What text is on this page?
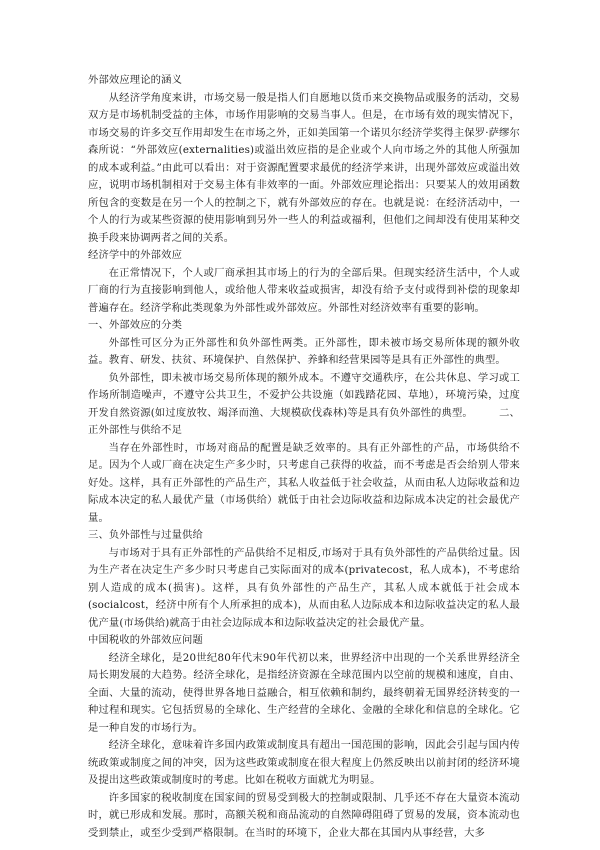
外部效应理论的涵义

从经济学角度来讲，市场交易一般是指人们自愿地以货币来交换物品或服务的活动，交易双方是市场机制受益的主体，市场作用影响的交易当事人。但是，在市场有效的现实情况下，市场交易的许多交互作用却发生在市场之外，正如美国第一个诺贝尔经济学奖得主保罗·萨缪尔森所说：“外部效应(externalities)或溢出效应指的是企业或个人向市场之外的其他人所强加的成本或利益。”由此可以看出：对于资源配置要求最优的经济学来讲，出现外部效应或溢出效应，说明市场机制相对于交易主体有非效率的一面。外部效应理论指出：只要某人的效用函数所包含的变数是在另一个人的控制之下，就有外部效应的存在。也就是说：在经济活动中，一个人的行为或某些资源的使用影响到另外一些人的利益或福利，但他们之间却没有使用某种交换手段来协调两者之间的关系。

经济学中的外部效应

在正常情况下，个人或厂商承担其市场上的行为的全部后果。但现实经济生活中，个人或厂商的行为直接影响到他人，或给他人带来收益或损害，却没有给予支付或得到补偿的现象却普遍存在。经济学称此类现象为外部性或外部效应。外部性对经济效率有重要的影响。

一、外部效应的分类

外部性可区分为正外部性和负外部性两类。正外部性，即未被市场交易所体现的额外收益。教育、研发、扶贫、环境保护、自然保护、养蜂和经营果园等是具有正外部性的典型。

负外部性，即未被市场交易所体现的额外成本。不遵守交通秩序，在公共休息、学习或工作场所制造噪声，不遵守公共卫生，不爱护公共设施（如践踏花园、草地），环境污染，过度开发自然资源(如过度放牧、竭泽而渔、大规模砍伐森林)等是具有负外部性的典型。　　　二、正外部性与供给不足

当存在外部性时，市场对商品的配置是缺乏效率的。具有正外部性的产品，市场供给不足。因为个人或厂商在决定生产多少时，只考虑自己获得的收益，而不考虑是否会给别人带来好处。这样，具有正外部性的产品生产，其私人收益低于社会收益，从而由私人边际收益和边际成本决定的私人最优产量（市场供给）就低于由社会边际收益和边际成本决定的社会最优产量。

三、负外部性与过量供给

与市场对于具有正外部性的产品供给不足相反,市场对于具有负外部性的产品供给过量。因为生产者在决定生产多少时只考虑自己实际面对的成本(privatecost，私人成本)，不考虑给别人造成的成本(损害)。这样，具有负外部性的产品生产，其私人成本就低于社会成本(socialcost，经济中所有个人所承担的成本)，从而由私人边际成本和边际收益决定的私人最优产量(市场供给)就高于由社会边际成本和边际收益决定的社会最优产量。

中国税收的外部效应问题

经济全球化，是20世纪80年代末90年代初以来，世界经济中出现的一个关系世界经济全局长期发展的大趋势。经济全球化，是指经济资源在全球范围内以空前的规模和速度，自由、全面、大量的流动，使得世界各地日益融合，相互依赖和制约，最终朝着无国界经济转变的一种过程和现实。它包括贸易的全球化、生产经营的全球化、金融的全球化和信息的全球化。它是一种自发的市场行为。

经济全球化，意味着许多国内政策或制度具有超出一国范围的影响，因此会引起与国内传统政策或制度之间的冲突，因为这些政策或制度在很大程度上仍然反映出以前封闭的经济环境及提出这些政策或制度时的考虑。比如在税收方面就尤为明显。

许多国家的税收制度在国家间的贸易受到极大的控制或限制、几乎还不存在大量资本流动时，就已形成和发展。那时，高额关税和商品流动的自然障碍阻碍了贸易的发展，资本流动也受到禁止，或至少受到严格限制。在当时的环境下，企业大都在其国内从事经营，大多
